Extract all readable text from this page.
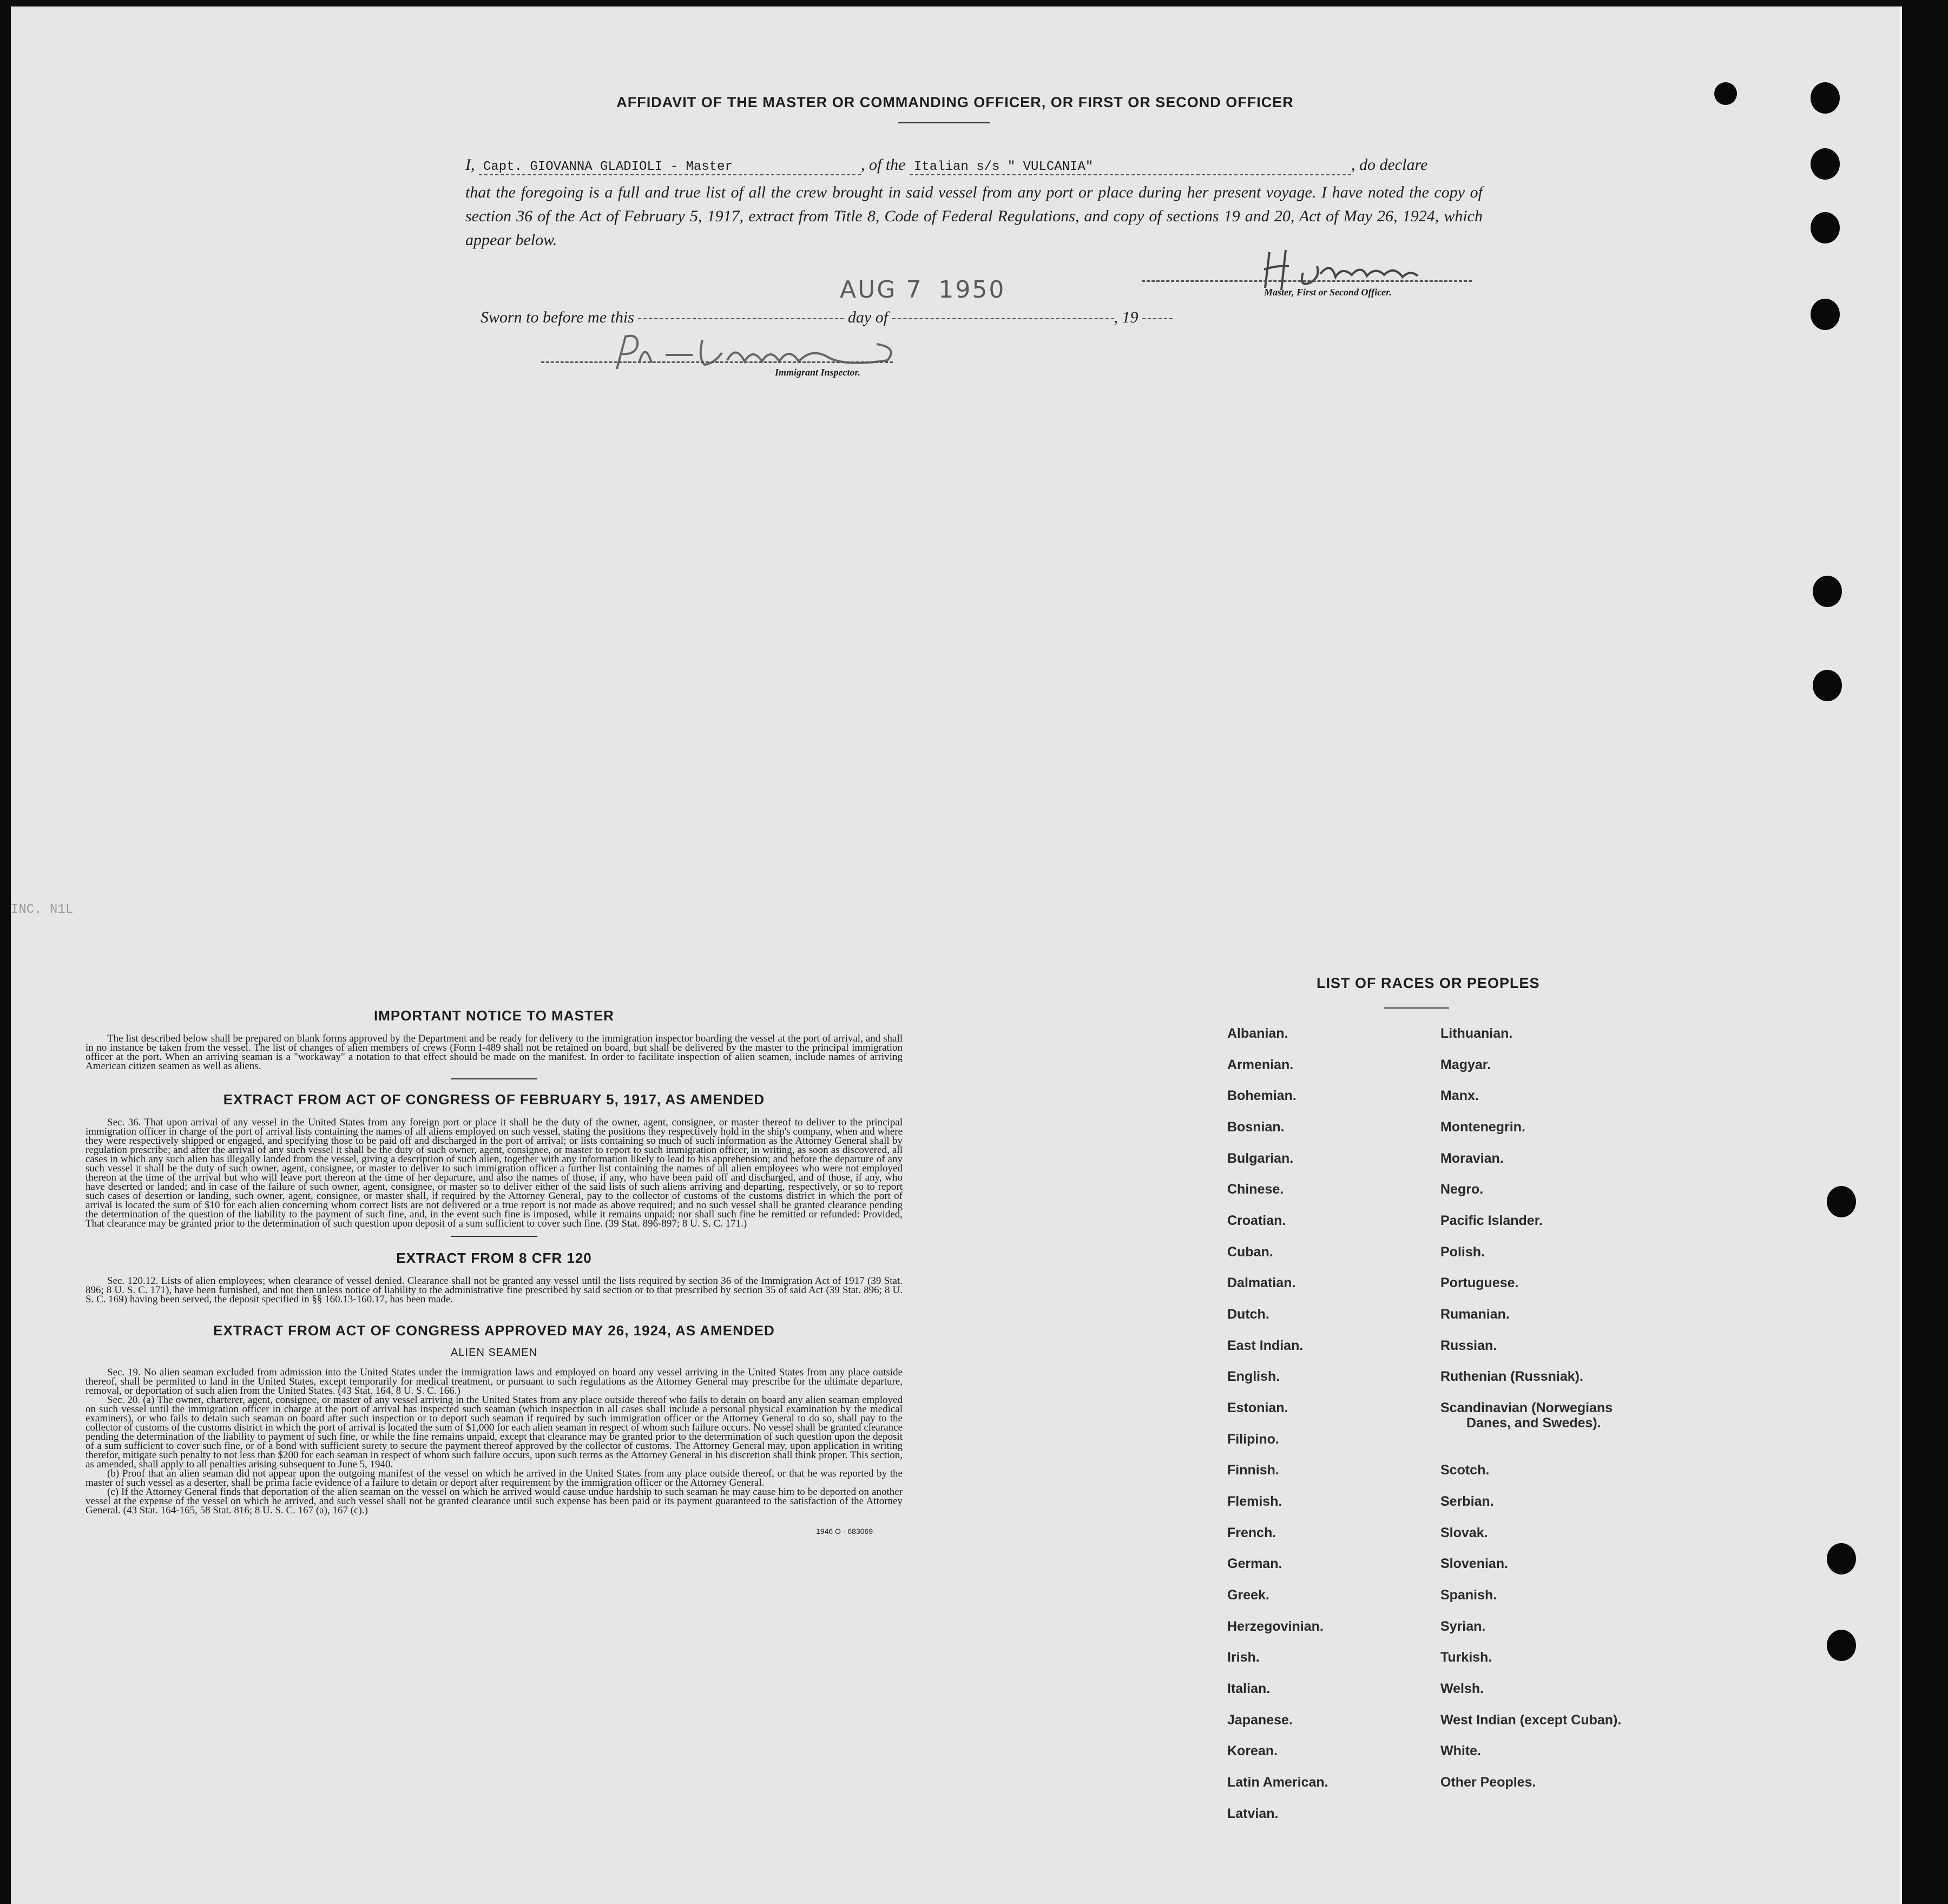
AFFIDAVIT OF THE MASTER OR COMMANDING OFFICER, OR FIRST OR SECOND OFFICER
I, Capt. GIOVANNA GLADIOLI - Master	, of the Italian s/s " VULCANIA"	, do declare
that the foregoing is a full and true list of all the crew brought in said vessel from any port or place during her present voyage. I have noted the copy of section 36 of the Act of February 5, 1917, extract from Title 8, Code of Federal Regulations, and copy of sections 19 and 20, Act of May 26, 1924, which appear below.
AUG 7 1950	Master, First or Second Officer.
Sworn to before me this	day of	, 19
Immigrant Inspector.
INC. N1L
IMPORTANT NOTICE TO MASTER
The list described below shall be prepared on blank forms approved by the Department and be ready for delivery to the immigration inspector boarding the vessel at the port of arrival, and shall in no instance be taken from the vessel. The list of changes of alien members of crews (Form I-489 shall not be retained on board, but shall be delivered by the master to the principal immigration officer at the port. When an arriving seaman is a "workaway" a notation to that effect should be made on the manifest. In order to facilitate inspection of alien seamen, include names of arriving American citizen seamen as well as aliens.
EXTRACT FROM ACT OF CONGRESS OF FEBRUARY 5, 1917, AS AMENDED
Sec. 36. That upon arrival of any vessel in the United States from any foreign port or place it shall be the duty of the owner, agent, consignee, or master thereof to deliver to the principal immigration officer in charge of the port of arrival lists containing the names of all aliens employed on such vessel, stating the positions they respectively hold in the ship's company, when and where they were respectively shipped or engaged, and specifying those to be paid off and discharged in the port of arrival; or lists containing so much of such information as the Attorney General shall by regulation prescribe; and after the arrival of any such vessel it shall be the duty of such owner, agent, consignee, or master to report to such immigration officer, in writing, as soon as discovered, all cases in which any such alien has illegally landed from the vessel, giving a description of such alien, together with any information likely to lead to his apprehension; and before the departure of any such vessel it shall be the duty of such owner, agent, consignee, or master to deliver to such immigration officer a further list containing the names of all alien employees who were not employed thereon at the time of the arrival but who will leave port thereon at the time of her departure, and also the names of those, if any, who have been paid off and discharged, and of those, if any, who have deserted or landed; and in case of the failure of such owner, agent, consignee, or master so to deliver either of the said lists of such aliens arriving and departing, respectively, or so to report such cases of desertion or landing, such owner, agent, consignee, or master shall, if required by the Attorney General, pay to the collector of customs of the customs district in which the port of arrival is located the sum of $10 for each alien concerning whom correct lists are not delivered or a true report is not made as above required; and no such vessel shall be granted clearance pending the determination of the question of the liability to the payment of such fine, and, in the event such fine is imposed, while it remains unpaid; nor shall such fine be remitted or refunded: Provided, That clearance may be granted prior to the determination of such question upon deposit of a sum sufficient to cover such fine. (39 Stat. 896-897; 8 U. S. C. 171.)
EXTRACT FROM 8 CFR 120
Sec. 120.12. Lists of alien employees; when clearance of vessel denied. Clearance shall not be granted any vessel until the lists required by section 36 of the Immigration Act of 1917 (39 Stat. 896; 8 U. S. C. 171), have been furnished, and not then unless notice of liability to the administrative fine prescribed by said section or to that prescribed by section 35 of said Act (39 Stat. 896; 8 U. S. C. 169) having been served, the deposit specified in §§ 160.13-160.17, has been made.
EXTRACT FROM ACT OF CONGRESS APPROVED MAY 26, 1924, AS AMENDED
ALIEN SEAMEN
Sec. 19. No alien seaman excluded from admission into the United States under the immigration laws and employed on board any vessel arriving in the United States from any place outside thereof, shall be permitted to land in the United States, except temporarily for medical treatment, or pursuant to such regulations as the Attorney General may prescribe for the ultimate departure, removal, or deportation of such alien from the United States. (43 Stat. 164, 8 U. S. C. 166.)
Sec. 20. (a) The owner, charterer, agent, consignee, or master of any vessel arriving in the United States from any place outside thereof who fails to detain on board any alien seaman employed on such vessel until the immigration officer in charge at the port of arrival has inspected such seaman (which inspection in all cases shall include a personal physical examination by the medical examiners), or who fails to detain such seaman on board after such inspection or to deport such seaman if required by such immigration officer or the Attorney General to do so, shall pay to the collector of customs of the customs district in which the port of arrival is located the sum of $1,000 for each alien seaman in respect of whom such failure occurs. No vessel shall be granted clearance pending the determination of the liability to payment of such fine, or while the fine remains unpaid, except that clearance may be granted prior to the determination of such question upon the deposit of a sum sufficient to cover such fine, or of a bond with sufficient surety to secure the payment thereof approved by the collector of customs. The Attorney General may, upon application in writing therefor, mitigate such penalty to not less than $200 for each seaman in respect of whom such failure occurs, upon such terms as the Attorney General in his discretion shall think proper. This section, as amended, shall apply to all penalties arising subsequent to June 5, 1940.
(b) Proof that an alien seaman did not appear upon the outgoing manifest of the vessel on which he arrived in the United States from any place outside thereof, or that he was reported by the master of such vessel as a deserter, shall be prima facie evidence of a failure to detain or deport after requirement by the immigration officer or the Attorney General.
(c) If the Attorney General finds that deportation of the alien seaman on the vessel on which he arrived would cause undue hardship to such seaman he may cause him to be deported on another vessel at the expense of the vessel on which he arrived, and such vessel shall not be granted clearance until such expense has been paid or its payment guaranteed to the satisfaction of the Attorney General. (43 Stat. 164-165, 58 Stat. 816; 8 U. S. C. 167 (a), 167 (c).)
1946 O - 683069
LIST OF RACES OR PEOPLES
Albanian.
Armenian.
Bohemian.
Bosnian.
Bulgarian.
Chinese.
Croatian.
Cuban.
Dalmatian.
Dutch.
East Indian.
English.
Estonian.
Filipino.
Finnish.
Flemish.
French.
German.
Greek.
Herzegovinian.
Irish.
Italian.
Japanese.
Korean.
Latin American.
Latvian.
Lithuanian.
Magyar.
Manx.
Montenegrin.
Moravian.
Negro.
Pacific Islander.
Polish.
Portuguese.
Rumanian.
Russian.
Ruthenian (Russniak).
Scandinavian (Norwegians
Danes, and Swedes).
Scotch.
Serbian.
Slovak.
Slovenian.
Spanish.
Syrian.
Turkish.
Welsh.
West Indian (except Cuban).
White.
Other Peoples.
